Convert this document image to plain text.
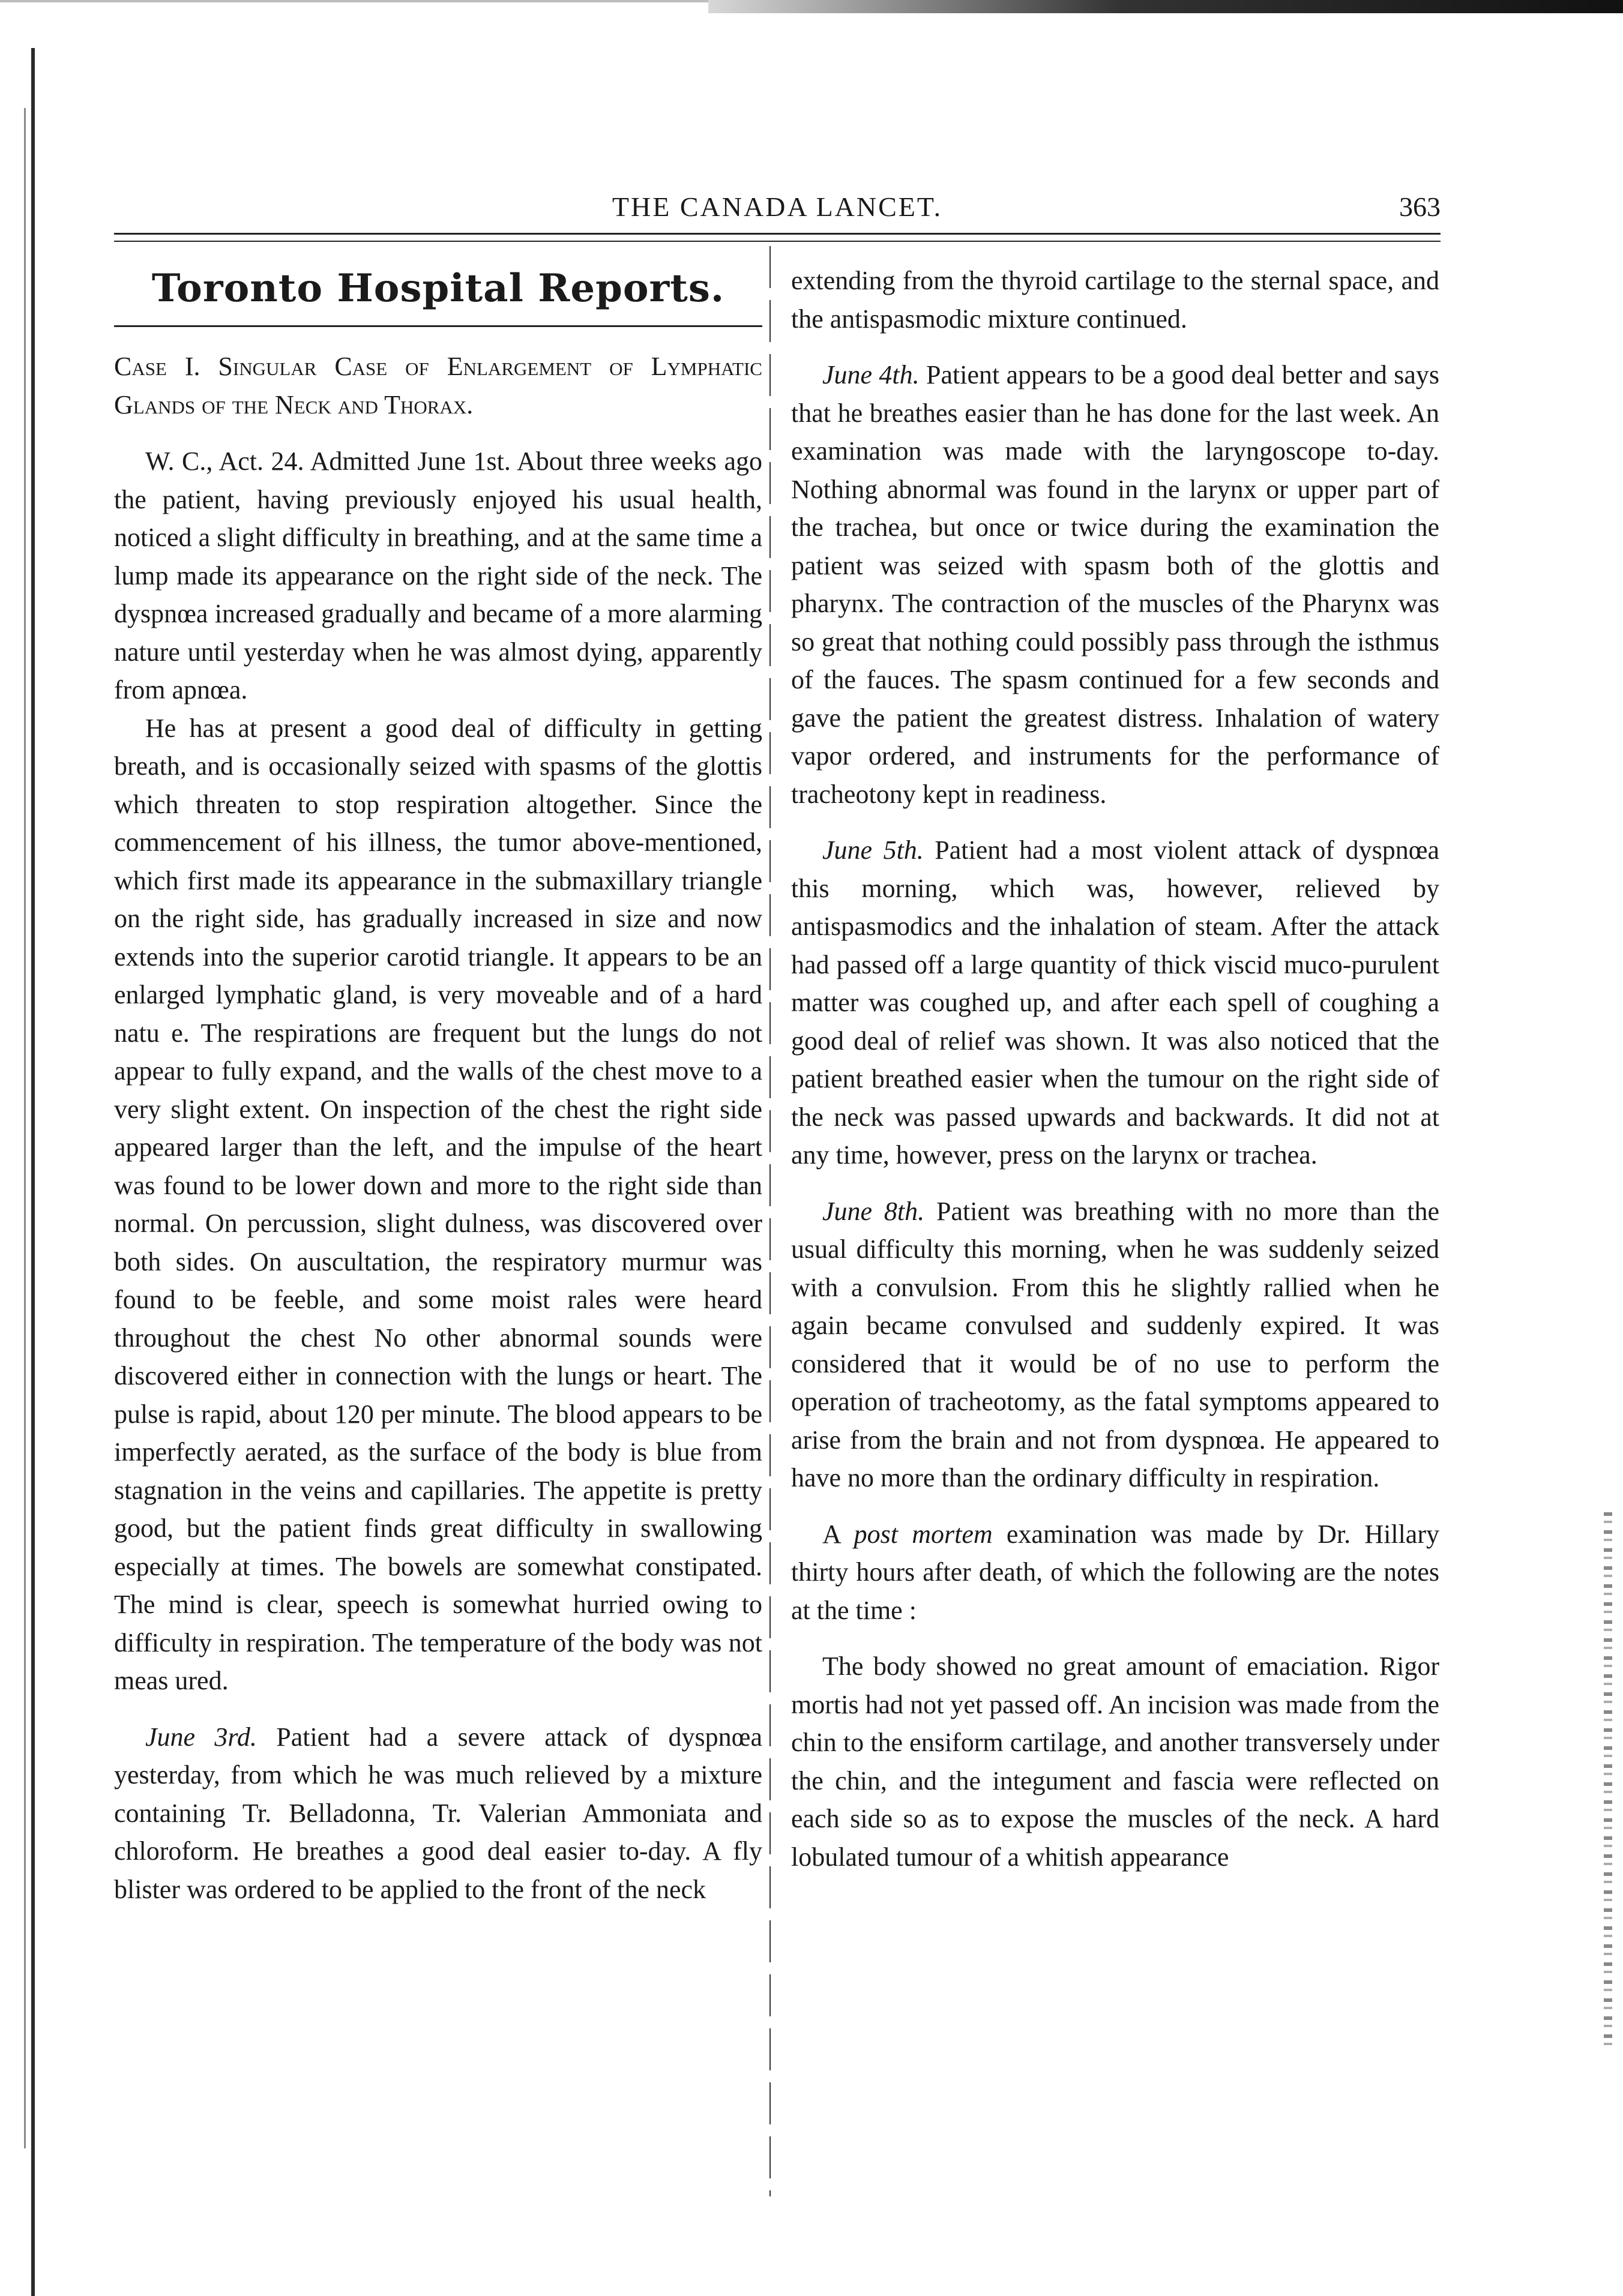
THE CANADA LANCET.	363
Toronto Hospital Reports.
Case I. Singular Case of Enlargement of Lymphatic Glands of the Neck and Thorax.

W. C., Act. 24. Admitted June 1st. About three weeks ago the patient, having previously enjoyed his usual health, noticed a slight difficulty in breathing, and at the same time a lump made its appearance on the right side of the neck. The dyspnœa increased gradually and became of a more alarming nature until yesterday when he was almost dying, apparently from apnœa.

He has at present a good deal of difficulty in getting breath, and is occasionally seized with spasms of the glottis which threaten to stop respiration altogether. Since the commencement of his illness, the tumor above-mentioned, which first made its appearance in the submaxillary triangle on the right side, has gradually increased in size and now extends into the superior carotid triangle. It appears to be an enlarged lymphatic gland, is very moveable and of a hard natu e. The respirations are frequent but the lungs do not appear to fully expand, and the walls of the chest move to a very slight extent. On inspection of the chest the right side appeared larger than the left, and the impulse of the heart was found to be lower down and more to the right side than normal. On percussion, slight dulness, was discovered over both sides. On auscultation, the respiratory murmur was found to be feeble, and some moist rales were heard throughout the chest No other abnormal sounds were discovered either in connection with the lungs or heart. The pulse is rapid, about 120 per minute. The blood appears to be imperfectly aerated, as the surface of the body is blue from stagnation in the veins and capillaries. The appetite is pretty good, but the patient finds great difficulty in swallowing especially at times. The bowels are somewhat constipated. The mind is clear, speech is somewhat hurried owing to difficulty in respiration. The temperature of the body was not meas ured.

June 3rd. Patient had a severe attack of dyspnœa yesterday, from which he was much relieved by a mixture containing Tr. Belladonna, Tr. Valerian Ammoniata and chloroform. He breathes a good deal easier to-day. A fly blister was ordered to be applied to the front of the neck

extending from the thyroid cartilage to the sternal space, and the antispasmodic mixture continued.

June 4th. Patient appears to be a good deal better and says that he breathes easier than he has done for the last week. An examination was made with the laryngoscope to-day. Nothing abnormal was found in the larynx or upper part of the trachea, but once or twice during the examination the patient was seized with spasm both of the glottis and pharynx. The contraction of the muscles of the Pharynx was so great that nothing could possibly pass through the isthmus of the fauces. The spasm continued for a few seconds and gave the patient the greatest distress. Inhalation of watery vapor ordered, and instruments for the performance of tracheotony kept in readiness.

June 5th. Patient had a most violent attack of dyspnœa this morning, which was, however, relieved by antispasmodics and the inhalation of steam. After the attack had passed off a large quantity of thick viscid muco-purulent matter was coughed up, and after each spell of coughing a good deal of relief was shown. It was also noticed that the patient breathed easier when the tumour on the right side of the neck was passed upwards and backwards. It did not at any time, however, press on the larynx or trachea.

June 8th. Patient was breathing with no more than the usual difficulty this morning, when he was suddenly seized with a convulsion. From this he slightly rallied when he again became convulsed and suddenly expired. It was considered that it would be of no use to perform the operation of tracheotomy, as the fatal symptoms appeared to arise from the brain and not from dyspnœa. He appeared to have no more than the ordinary difficulty in respiration.

A post mortem examination was made by Dr. Hillary thirty hours after death, of which the following are the notes at the time :

The body showed no great amount of emaciation. Rigor mortis had not yet passed off. An incision was made from the chin to the ensiform cartilage, and another transversely under the chin, and the integument and fascia were reflected on each side so as to expose the muscles of the neck. A hard lobulated tumour of a whitish appearance
